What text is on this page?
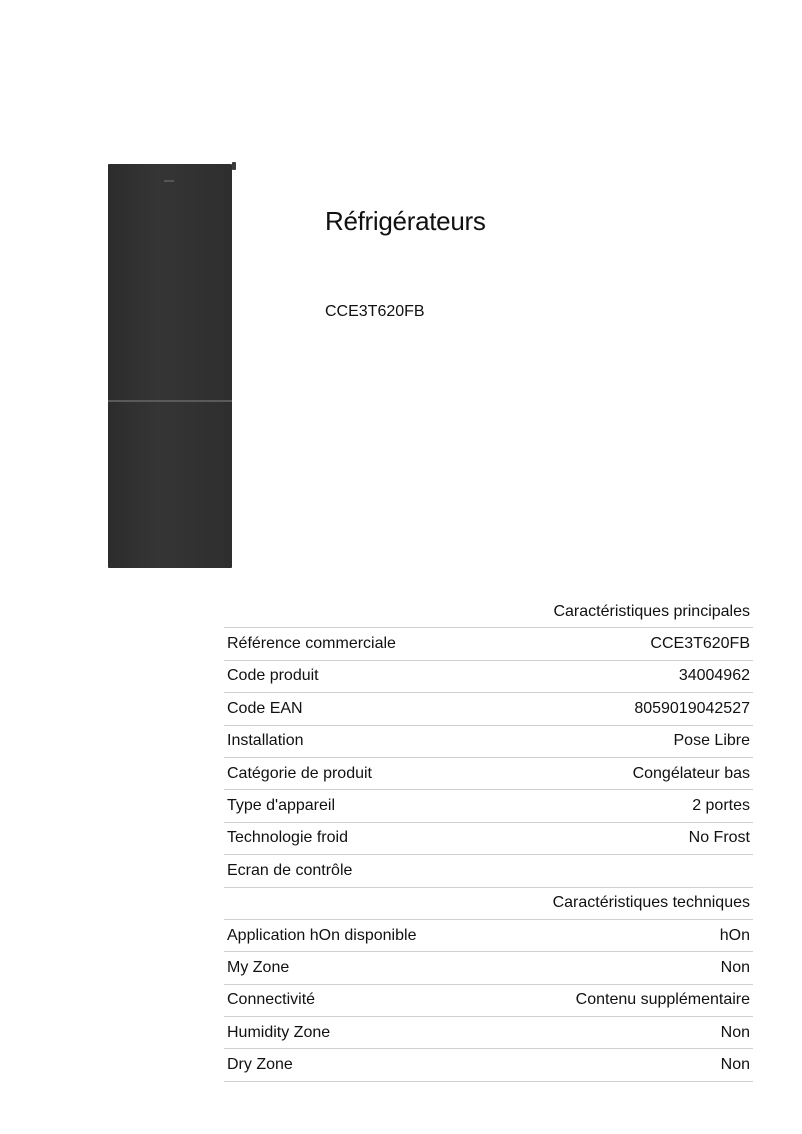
Réfrigérateurs

CCE3T620FB

Caractéristiques principales	
Référence commerciale	CCE3T620FB
Code produit	34004962
Code EAN	8059019042527
Installation	Pose Libre
Catégorie de produit	Congélateur bas
Type d'appareil	2 portes
Technologie froid	No Frost
Ecran de contrôle	
Caractéristiques techniques	
Application hOn disponible	hOn
My Zone	Non
Connectivité	Contenu supplémentaire
Humidity Zone	Non
Dry Zone	Non
